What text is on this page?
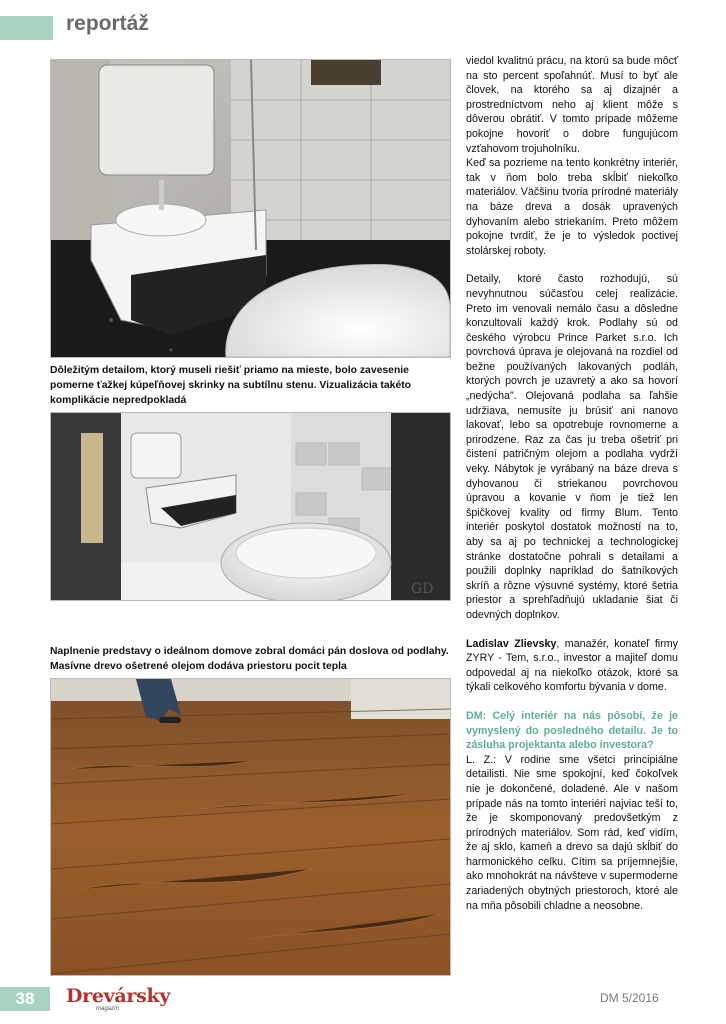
reportáž
Dôležitým detailom, ktorý museli riešiť priamo na mieste, bolo zavesenie pomerne ťažkej kúpeľňovej skrinky na subtílnu stenu. Vizualizácia takéto komplikácie nepredpokladá
GD
Naplnenie predstavy o ideálnom domove zobral domáci pán doslova od podlahy. Masívne drevo ošetrené olejom dodáva priestoru pocit tepla

viedol kvalitnú prácu, na ktorú sa bude môcť na sto percent spoľahnúť. Musí to byť ale človek, na ktorého sa aj dizajnér a prostredníctvom neho aj klient môže s dôverou obrátiť. V tomto prípade môžeme pokojne hovoriť o dobre fungujúcom vzťahovom trojuholníku.

Keď sa pozrieme na tento konkrétny interiér, tak v ňom bolo treba skĺbiť niekoľko materiálov. Väčšinu tvoria prírodné materiály na báze dreva a dosák upravených dyhovaním alebo striekaním. Preto môžem pokojne tvrdiť, že je to výsledok poctivej stolárskej roboty.

Detaily, ktoré často rozhodujú, sú nevyhnutnou súčasťou celej realizácie. Preto im venovali nemálo času a dôsledne konzultovali každý krok. Podlahy sú od českého výrobcu Prince Parket s.r.o. Ich povrchová úprava je olejovaná na rozdiel od bežne používaných lakovaných podláh, ktorých povrch je uzavretý a ako sa hovorí „nedýcha". Olejovaná podlaha sa ľahšie udržiava, nemusíte ju brúsiť ani nanovo lakovať, lebo sa opotrebuje rovnomerne a prirodzene. Raz za čas ju treba ošetriť pri čistení patričným olejom a podlaha vydrží veky. Nábytok je vyrábaný na báze dreva s dyhovanou či striekanou povrchovou úpravou a kovanie v ňom je tiež len špičkovej kvality od firmy Blum. Tento interiér poskytol dostatok možností na to, aby sa aj po technickej a technologickej stránke dostatočne pohrali s detailami a použili doplnky napríklad do šatníkových skríň a rôzne výsuvné systémy, ktoré šetria priestor a sprehľadňujú ukladanie šiat či odevných doplnkov.

Ladislav Zlievsky, manažér, konateľ firmy ZYRY - Tem, s.r.o., investor a majiteľ domu odpovedal aj na niekoľko otázok, ktoré sa týkali celkového komfortu bývania v dome.

DM: Celý interiér na nás pôsobí, že je vymyslený do posledného detailu. Je to zásluha projektanta alebo investora?

L. Z.: V rodine sme všetci principiálne detailisti. Nie sme spokojní, keď čokoľvek nie je dokončené, doladené. Ale v našom prípade nás na tomto interiéri najviac teší to, že je skomponovaný predovšetkým z prírodných materiálov. Som rád, keď vidím, že aj sklo, kameň a drevo sa dajú skĺbiť do harmonického celku. Cítim sa príjemnejšie, ako mnohokrát na návšteve v supermoderne zariadených obytných priestoroch, ktoré ale na mňa pôsobili chladne a neosobne.

38	Drevársky
magazín
DM 5/2016
